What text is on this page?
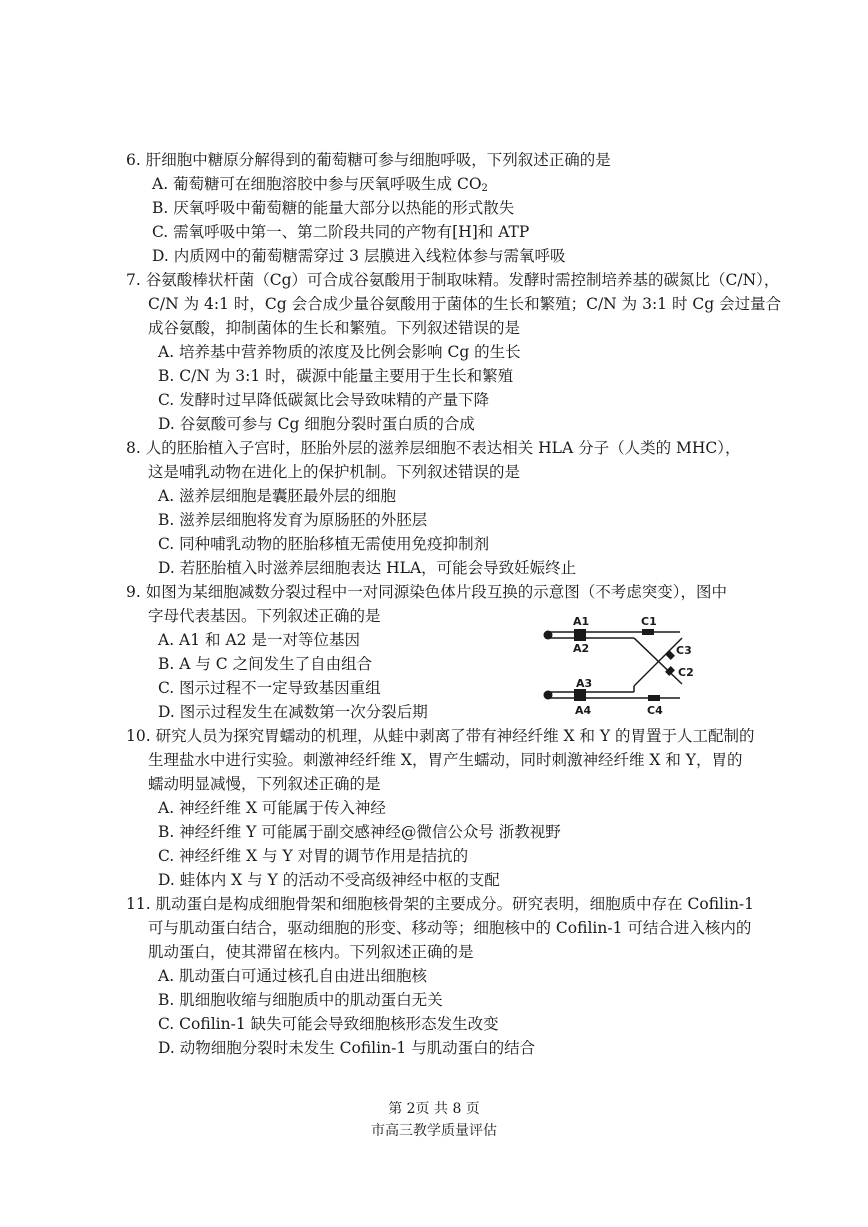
6. 肝细胞中糖原分解得到的葡萄糖可参与细胞呼吸，下列叙述正确的是
A. 葡萄糖可在细胞溶胶中参与厌氧呼吸生成 $CO_2$
B. 厌氧呼吸中葡萄糖的能量大部分以热能的形式散失
C. 需氧呼吸中第一、第二阶段共同的产物有[H]和 ATP
D. 内质网中的葡萄糖需穿过 3 层膜进入线粒体参与需氧呼吸
7. 谷氨酸棒状杆菌（Cg）可合成谷氨酸用于制取味精。发酵时需控制培养基的碳氮比（C/N），
C/N 为 4:1 时，Cg 会合成少量谷氨酸用于菌体的生长和繁殖；C/N 为 3:1 时 Cg 会过量合
成谷氨酸，抑制菌体的生长和繁殖。下列叙述错误的是
A. 培养基中营养物质的浓度及比例会影响 Cg 的生长
B. C/N 为 3:1 时，碳源中能量主要用于生长和繁殖
C. 发酵时过早降低碳氮比会导致味精的产量下降
D. 谷氨酸可参与 Cg 细胞分裂时蛋白质的合成
8. 人的胚胎植入子宫时，胚胎外层的滋养层细胞不表达相关 HLA 分子（人类的 MHC），
这是哺乳动物在进化上的保护机制。下列叙述错误的是
A. 滋养层细胞是囊胚最外层的细胞
B. 滋养层细胞将发育为原肠胚的外胚层
C. 同种哺乳动物的胚胎移植无需使用免疫抑制剂
D. 若胚胎植入时滋养层细胞表达 HLA，可能会导致妊娠终止
9. 如图为某细胞减数分裂过程中一对同源染色体片段互换的示意图（不考虑突变），图中
字母代表基因。下列叙述正确的是
A. A1 和 A2 是一对等位基因
B. A 与 C 之间发生了自由组合
C. 图示过程不一定导致基因重组
D. 图示过程发生在减数第一次分裂后期
A1
A2
C1
C3
C2
A3
A4	C4
10. 研究人员为探究胃蠕动的机理，从蛙中剥离了带有神经纤维 X 和 Y 的胃置于人工配制的
生理盐水中进行实验。刺激神经纤维 X，胃产生蠕动，同时刺激神经纤维 X 和 Y，胃的
蠕动明显减慢，下列叙述正确的是
A. 神经纤维 X 可能属于传入神经
B. 神经纤维 Y 可能属于副交感神经@微信公众号 浙教视野
C. 神经纤维 X 与 Y 对胃的调节作用是拮抗的
D. 蛙体内 X 与 Y 的活动不受高级神经中枢的支配
11. 肌动蛋白是构成细胞骨架和细胞核骨架的主要成分。研究表明，细胞质中存在 Cofilin-1
可与肌动蛋白结合，驱动细胞的形变、移动等；细胞核中的 Cofilin-1 可结合进入核内的
肌动蛋白，使其滞留在核内。下列叙述正确的是
A. 肌动蛋白可通过核孔自由进出细胞核
B. 肌细胞收缩与细胞质中的肌动蛋白无关
C. Cofilin-1 缺失可能会导致细胞核形态发生改变
D. 动物细胞分裂时未发生 Cofilin-1 与肌动蛋白的结合
第 2页 共 8 页
市高三教学质量评估
